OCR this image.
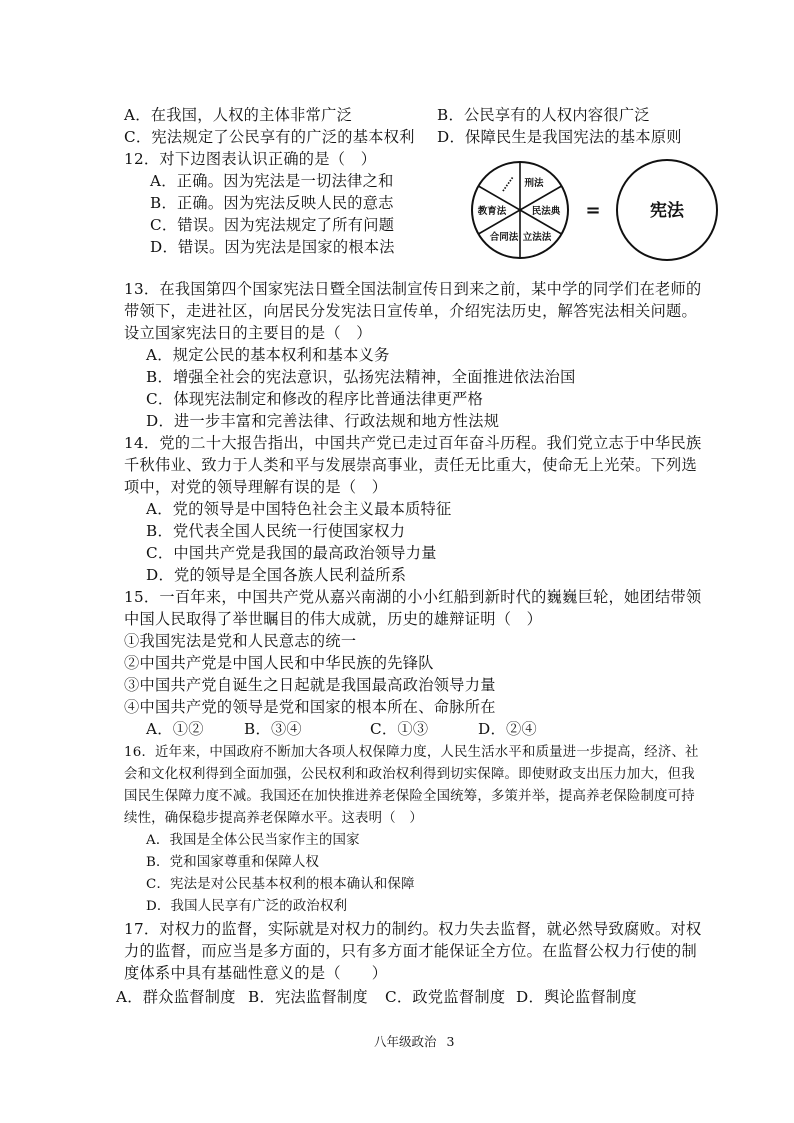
A．在我国，人权的主体非常广泛	B．公民享有的人权内容很广泛
C．宪法规定了公民享有的广泛的基本权利 D．保障民生是我国宪法的基本原则
12．对下边图表认识正确的是（　）
A．正确。因为宪法是一切法律之和
B．正确。因为宪法反映人民的意志
C．错误。因为宪法规定了所有问题
D．错误。因为宪法是国家的根本法
刑法
民法典
立法法
合同法
教育法
……
=	宪法
13．在我国第四个国家宪法日暨全国法制宣传日到来之前，某中学的同学们在老师的
带领下，走进社区，向居民分发宪法日宣传单，介绍宪法历史，解答宪法相关问题。
设立国家宪法日的主要目的是（　）
A．规定公民的基本权利和基本义务
B．增强全社会的宪法意识，弘扬宪法精神，全面推进依法治国
C．体现宪法制定和修改的程序比普通法律更严格
D．进一步丰富和完善法律、行政法规和地方性法规
14．党的二十大报告指出，中国共产党已走过百年奋斗历程。我们党立志于中华民族
千秋伟业、致力于人类和平与发展崇高事业，责任无比重大，使命无上光荣。下列选
项中，对党的领导理解有误的是（　）
A．党的领导是中国特色社会主义最本质特征
B．党代表全国人民统一行使国家权力
C．中国共产党是我国的最高政治领导力量
D．党的领导是全国各族人民利益所系
15．一百年来，中国共产党从嘉兴南湖的小小红船到新时代的巍巍巨轮，她团结带领
中国人民取得了举世瞩目的伟大成就，历史的雄辩证明（　）
①我国宪法是党和人民意志的统一
②中国共产党是中国人民和中华民族的先锋队
③中国共产党自诞生之日起就是我国最高政治领导力量
④中国共产党的领导是党和国家的根本所在、命脉所在
A．①②	B．③④	C．①③	D．②④
16．近年来，中国政府不断加大各项人权保障力度，人民生活水平和质量进一步提高，经济、社
会和文化权利得到全面加强，公民权利和政治权利得到切实保障。即使财政支出压力加大，但我
国民生保障力度不减。我国还在加快推进养老保险全国统筹，多策并举，提高养老保险制度可持
续性，确保稳步提高养老保障水平。这表明（　）
A．我国是全体公民当家作主的国家
B．党和国家尊重和保障人权
C．宪法是对公民基本权利的根本确认和保障
D．我国人民享有广泛的政治权利
17．对权力的监督，实际就是对权力的制约。权力失去监督，就必然导致腐败。对权
力的监督，而应当是多方面的，只有多方面才能保证全方位。在监督公权力行使的制
度体系中具有基础性意义的是（　　）
A．群众监督制度 B．宪法监督制度 C．政党监督制度 D．舆论监督制度
八年级政治 3
